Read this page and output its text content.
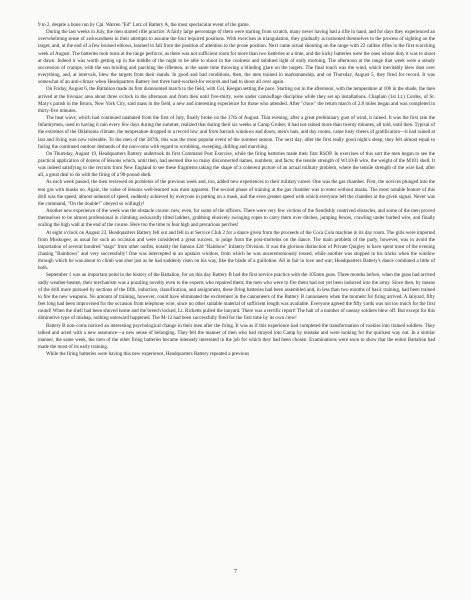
9 to 2, despite a bone run by Cpl. Warren "Ed" Lotz of Battery A, the most spectacular event of the game.

During the last weeks in July, the men started rifle practice. A fairly large percentage of them were starting from scratch, many never having had a rifle in hand, and for days they experienced an overwhelming sense of awkwardness in their attempts to assume the four required positions. With exercises in triangulation, they gradually accustomed themselves to the process of sighting on the target, and, at the end of a few bruised elbows, learned to fall from the position of attention to the prone position. Next came actual shooting on the range with 22 calibre rifles in the first scorching week of August. The batteries took turns at the range perforce, as there was not sufficient room for more than two batteries at a time, and the lucky batteries were the ones whose duty it was to shoot at dawn. Indeed it was worth getting up in the middle of the night to be able to shoot in the coolness and subdued light of early morning. The afternoon at the range that week were a steady succession of cramps, with the sun broiling and parching the riflemen, at the same time throwing a blinding glare on the targets. The final touch was the wind, which inevitably blew dust over everything, and, at intervals, blew the targets from their stands. In good and bad conditions, then, the men trained in marksmanship, and on Thursday, August 5, they fired for record. It was somewhat of an anti-climax when Headquarters Battery lost three hard-worked-for records and had to shoot all over again.

On Friday, August 6, the Battalion made its first dismounted march to the field, with Col. Keegan setting the pace. Starting out in the afternoon, with the temperature at 106 in the shade, the men arrived at the bivouac area about three o'clock in the afternoon and from then until five-thirty, were under camouflage discipline while they set up installations. Chaplain (1st Lt.) Cordes, of St. Mary's parish in the Bronx, New York City, said mass in the field, a new and interesting experience for those who attended. After "chow" the return march of 2.8 miles began and was completed in thirty-five minutes.

The heat wave, which had continued unabated from the first of July, finally broke on the 17th of August. That evening, after a great preliminary gust of wind, it rained. It was the first rain the Infantrymen, used to having it rain every few days during the summer, realized that during their six weeks at Camp Gruber, it had not rained more than twenty minutes, all told, until then. Typical of the extremes of the Oklahoma climate, the temperature dropped to a record low, and from barrack windows and doors, men's hats, and day rooms, came lusty cheers of gratification—it had rained at last and living was now tolerable. To the men of the 387th, this was the most popular event of the summer season. The next day, after the first really good night's sleep, they felt almost equal to facing the continued outdoor demands of the non-coms with regard to scrubbing, sweeping, drilling and marching.

On Thursday, August 19, Headquarters Battery undertook its first Command Post Exercise, while the firing batteries made their first RSOP. In exercises of this sort the men began to see the practical application of dozens of lessons which, until then, had seemed like so many disconnected names, numbers, and facts; the tensile strength of W110-B wire, the weight of the M101 shell. It was indeed satisfying to the recruits from New England to see these fragments taking the shape of a coherent picture of an actual military problem, where the tensile strength of the wire had, after all, a great deal to do with the firing of a 90-pound shell.

As each week passed, the men reviewed on problems of the previous week and, too, added new experiences to their military career. One was the gas chamber. First, the novices plunged into the tear gas with masks on. Again, the value of lessons well-learned was most apparent. The second phase of training at the gas chamber was to enter without masks. The most notable feature of this drill was the speed, almost unheard of speed, suddenly achieved by everyone in putting on a mask, and the even greater speed with which everyone left the chamber at the given signal. Never was the command, "On the double!" obeyed so willingly!

Another new experience of the week was the obstacle course: new, even, for some of the officers. There were very few victims of the fiendishly contrived obstacles, and some of the men proved themselves to be almost professional in climbing awkwardly tilted ladders, grabbing elusively swinging ropes to carry them over ditches, jumping fences, crawling under barbed wire, and finally scaling the high wall at the end of the course. Here too the time to fear high and precarious perches!

At eight o'clock on August 23, Headquarters Battery fell out and fell in at Service Club 2 for a dance given from the proceeds of the Coca Cola machine in its day room. The girls were imported from Muskogee, as usual for such an occasion and were considered a great success, to judge from the post-mortems on the dance. The main problem of the party, however, was to avoid the importation of several hundred "stags" from other outfits, notably the famous 42d "Rainbow" Infantry Division. It was the glorious distinction of Private Quigley to have spent most of the evening chasing "Rainbows" and very successfully! One was intercepted in an upstairs window, from which he was unceremoniously tossed, while another was stopped in his tracks when the window through which he was about to climb was shut just as he had suddenly risen on his way, like the blade of a guillotine. All in fair in love and war; Headquarters Battery's dance combined a little of both.

September 1 was an important point in the history of the Battalion, for on this day Battery B had the first service practice with the 105mm guns. Three months before, when the guns had arrived sadly weather-beaten, their mechanism was a puzzling novelty even to the experts who repaired them; the men who were to fire them had not yet been inducted into the army. Since then, by means of the drill more pursued by sections of the fifth, induction, classification, and assignment, these firing batteries had been assembled and, in less than two months of basic training, had been trained to fire the new weapons. No amount of training, however, could have eliminated the excitement in the cannoneers of the Battery B cannoneers when the moment for firing arrived. A lanyard, fifty feet long had been improvised for the occasion from telephone wire, since no other suitable material of sufficient length was available. Everyone agreed the fifty yards was not too much for the first round! When the shell had been shoved home and the breech locked, Lt. Ricketts pulled the lanyard. There was a terrific report! The halt of a number of uneasy soldiers blew off. But except for this diminutive type of mishap, nothing untoward happened. The M-12 had been successfully fired for the first time by its own crew!

Battery B non-coms noticed an interesting psychological change in their men after the firing. It was as if this experience had completed the transformation of rookies into trained soldiers. They talked and acted with a new assurance—a new sense of belonging. They felt the manner of men who had strayed into Camp by mistake and were looking for the quickest way out. In a similar manner, the same week, the men of the other firing batteries became intensely interested in the job for which they had been chosen. Examinations were soon to show that the entire Battalion had made the most of its early training.

While the firing batteries were having this new experience, Headquarters Battery repeated a previous

7
